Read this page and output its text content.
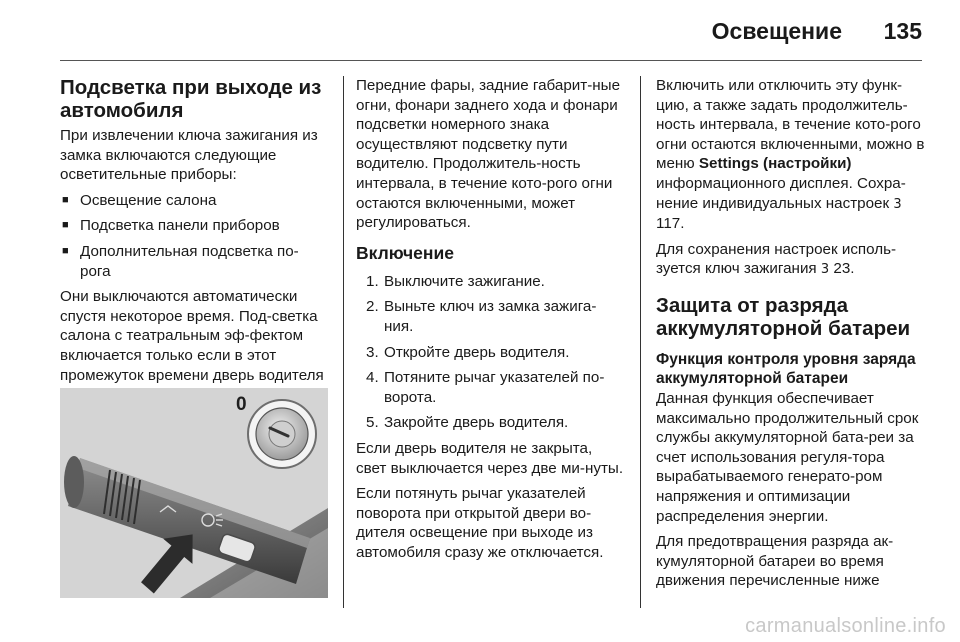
Освещение 135
Подсветка при выходе из автомобиля

При извлечении ключа зажигания из замка включаются следующие осветительные приборы:

■ Освещение салона
■ Подсветка панели приборов
■ Дополнительная подсветка по-рога

Они выключаются автоматически спустя некоторое время. Под-светка салона с театральным эф-фектом включается только если в этот промежуток времени дверь водителя

0

Передние фары, задние габарит-ные огни, фонари заднего хода и фонари подсветки номерного знака осуществляют подсветку пути водителю. Продолжитель-ность интервала, в течение кото-рого огни остаются включенными, может регулироваться.

Включение
1. Выключите зажигание.
2. Выньте ключ из замка зажига-ния.
3. Откройте дверь водителя.
4. Потяните рычаг указателей по-ворота.
5. Закройте дверь водителя.

Если дверь водителя не закрыта, свет выключается через две ми-нуты.

Если потянуть рычаг указателей поворота при открытой двери во-дителя освещение при выходе из автомобиля сразу же отключается.

Включить или отключить эту функ-цию, а также задать продолжитель-ность интервала, в течение кото-рого огни остаются включенными, можно в меню Settings (настройки) информационного дисплея. Сохра-нение индивидуальных настроек 3 117.

Для сохранения настроек исполь-зуется ключ зажигания 3 23.

Защита от разряда аккумуляторной батареи
Функция контроля уровня заряда аккумуляторной батареи

Данная функция обеспечивает максимально продолжительный срок службы аккумуляторной бата-реи за счет использования регуля-тора вырабатываемого генерато-ром напряжения и оптимизации распределения энергии.

Для предотвращения разряда ак-кумуляторной батареи во время движения перечисленные ниже

carmanualsonline.info
